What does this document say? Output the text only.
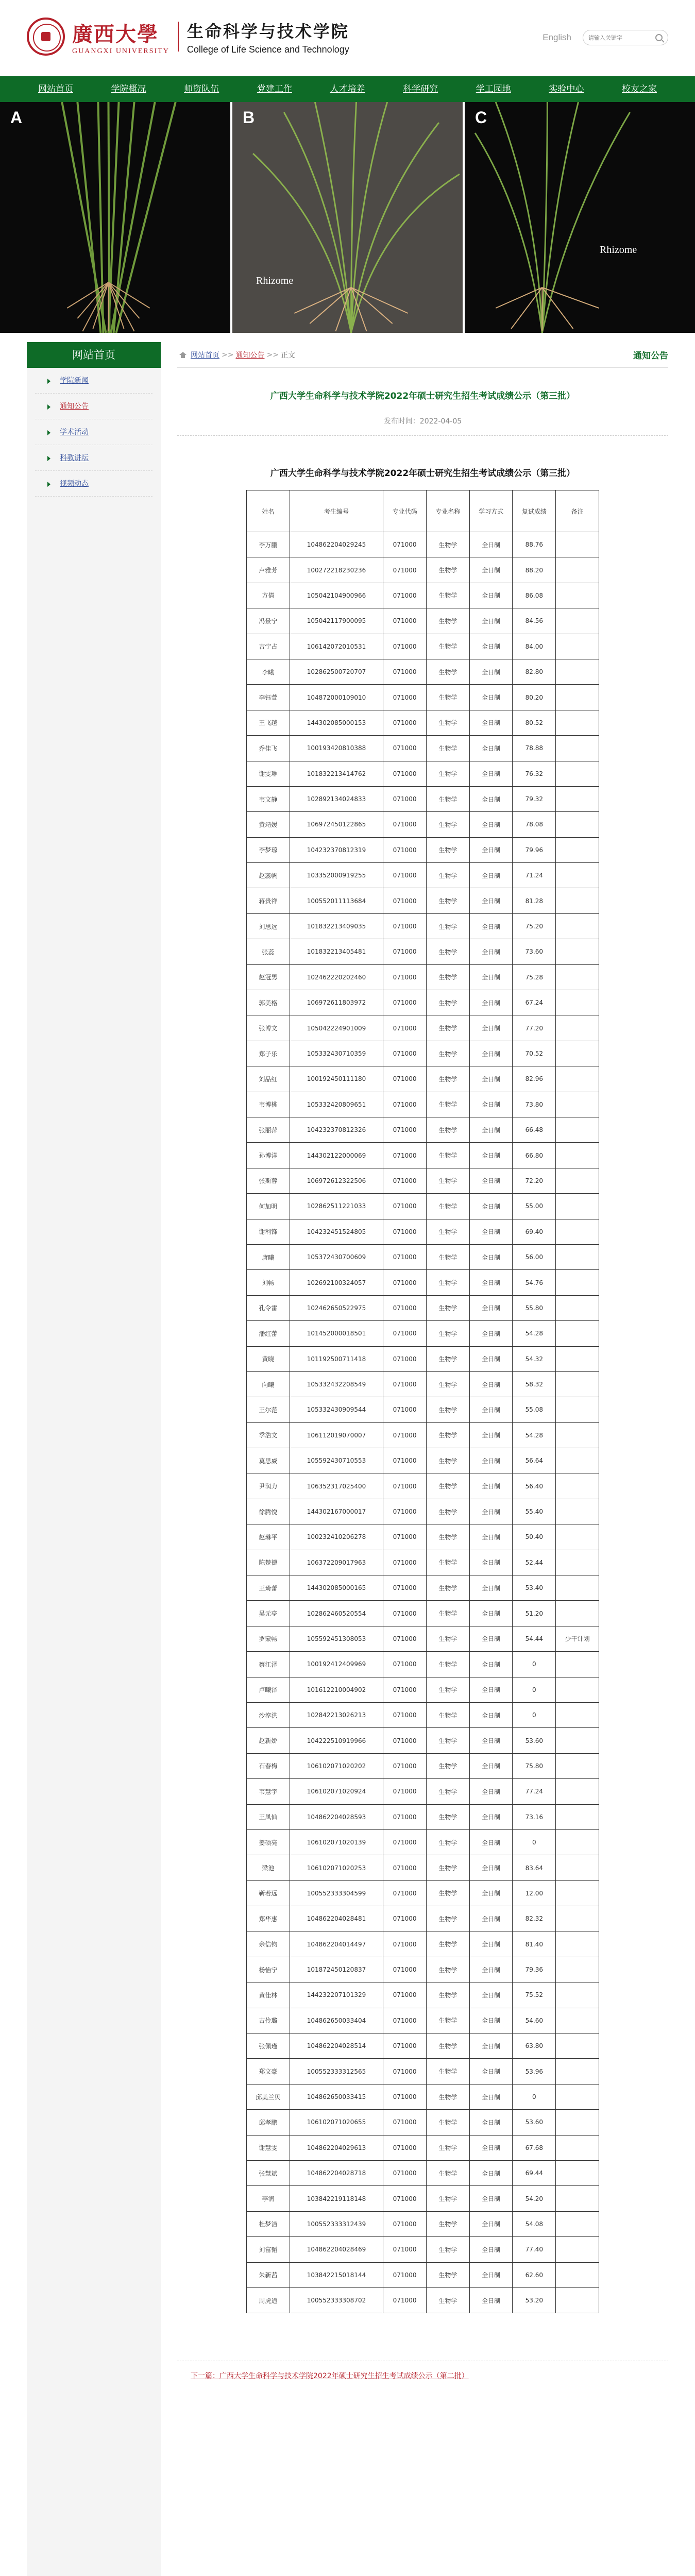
廣西大學
GUANGXI UNIVERSITY
生命科学与技术学院
College of Life Science and Technology
English
请输入关键字
网站首页	学院概况	师资队伍	党建工作	人才培养	科学研究	学工园地	实验中心	校友之家
A	B
Rhizome
C
Rhizome
网站首页
学院新闻
通知公告
学术活动
科教讲坛
视频动态
网站首页 >> 通知公告 >> 正文	通知公告
广西大学生命科学与技术学院2022年硕士研究生招生考试成绩公示（第三批）
发布时间：2022-04-05
广西大学生命科学与技术学院2022年硕士研究生招生考试成绩公示（第三批）
姓名	考生编号	专业代码	专业名称	学习方式	复试成绩	备注
李万鹏	104862204029245	071000	生物学	全日制	88.76	
卢雅芳	100272218230236	071000	生物学	全日制	88.20	
方倩	105042104900966	071000	生物学	全日制	86.08	
冯景宁	105042117900095	071000	生物学	全日制	84.56	
吉宁占	106142072010531	071000	生物学	全日制	84.00	
李曦	102862500720707	071000	生物学	全日制	82.80	
李钰萱	104872000109010	071000	生物学	全日制	80.20	
王飞越	144302085000153	071000	生物学	全日制	80.52	
乔佳飞	100193420810388	071000	生物学	全日制	78.88	
谢雯琳	101832213414762	071000	生物学	全日制	76.32	
韦文静	102892134024833	071000	生物学	全日制	79.32	
黄靖媛	106972450122865	071000	生物学	全日制	78.08	
李梦琼	104232370812319	071000	生物学	全日制	79.96	
赵蕊帆	103352000919255	071000	生物学	全日制	71.24	
蒋贵祥	100552011113684	071000	生物学	全日制	81.28	
刘思远	101832213409035	071000	生物学	全日制	75.20	
张蕊	101832213405481	071000	生物学	全日制	73.60	
赵冠男	102462220202460	071000	生物学	全日制	75.28	
郭美格	106972611803972	071000	生物学	全日制	67.24	
张博文	105042224901009	071000	生物学	全日制	77.20	
郑子乐	105332430710359	071000	生物学	全日制	70.52	
刘品红	100192450111180	071000	生物学	全日制	82.96	
韦博桃	105332420809651	071000	生物学	全日制	73.80	
张丽萍	104232370812326	071000	生物学	全日制	66.48	
孙博洋	144302122000069	071000	生物学	全日制	66.80	
张斯蓉	106972612322506	071000	生物学	全日制	72.20	
何加明	102862511221033	071000	生物学	全日制	55.00	
谢利锋	104232451524805	071000	生物学	全日制	69.40	
唐曦	105372430700609	071000	生物学	全日制	56.00	
刘畅	102692100324057	071000	生物学	全日制	54.76	
孔令雷	102462650522975	071000	生物学	全日制	55.80	
潘红蕾	101452000018501	071000	生物学	全日制	54.28	
黄晓	101192500711418	071000	生物学	全日制	54.32	
向曦	105332432208549	071000	生物学	全日制	58.32	
王尔范	105332430909544	071000	生物学	全日制	55.08	
季浩文	106112019070007	071000	生物学	全日制	54.28	
莫思威	105592430710553	071000	生物学	全日制	56.64	
尹润力	106352317025400	071000	生物学	全日制	56.40	
徐腾悦	144302167000017	071000	生物学	全日制	55.40	
赵琳平	100232410206278	071000	生物学	全日制	50.40	
陈楚德	106372209017963	071000	生物学	全日制	52.44	
王琦蕾	144302085000165	071000	生物学	全日制	53.40	
吴元亭	102862460520554	071000	生物学	全日制	51.20	
罗蒙畅	105592451308053	071000	生物学	全日制	54.44	少干计划
蔡江泽	100192412409969	071000	生物学	全日制	0	
卢曦泽	101612210004902	071000	生物学	全日制	0	
沙淳洪	102842213026213	071000	生物学	全日制	0	
赵新娇	104222510919966	071000	生物学	全日制	53.60	
石春梅	106102071020202	071000	生物学	全日制	75.80	
韦慧宇	106102071020924	071000	生物学	全日制	77.24	
王凤仙	104862204028593	071000	生物学	全日制	73.16	
姜硕亮	106102071020139	071000	生物学	全日制	0	
梁池	106102071020253	071000	生物学	全日制	83.64	
靳若远	100552333304599	071000	生物学	全日制	12.00	
郑华惠	104862204028481	071000	生物学	全日制	82.32	
余信钧	104862204014497	071000	生物学	全日制	81.40	
杨怡宁	101872450120837	071000	生物学	全日制	79.36	
黄佳林	144232207101329	071000	生物学	全日制	75.52	
古伶璐	104862650033404	071000	生物学	全日制	54.60	
张佩瑾	104862204028514	071000	生物学	全日制	63.80	
郑文豪	100552333312565	071000	生物学	全日制	53.96	
邱美兰贝	104862650033415	071000	生物学	全日制	0	
邱孝鹏	106102071020655	071000	生物学	全日制	53.60	
谢慧雯	104862204029613	071000	生物学	全日制	67.68	
张慧斌	104862204028718	071000	生物学	全日制	69.44	
李润	103842219118148	071000	生物学	全日制	54.20	
杜梦洁	100552333312439	071000	生物学	全日制	54.08	
刘富韬	104862204028469	071000	生物学	全日制	77.40	
朱新茜	103842215018144	071000	生物学	全日制	62.60	
周虎道	100552333308702	071000	生物学	全日制	53.20	
下一篇：广西大学生命科学与技术学院2022年硕士研究生招生考试成绩公示（第二批）
